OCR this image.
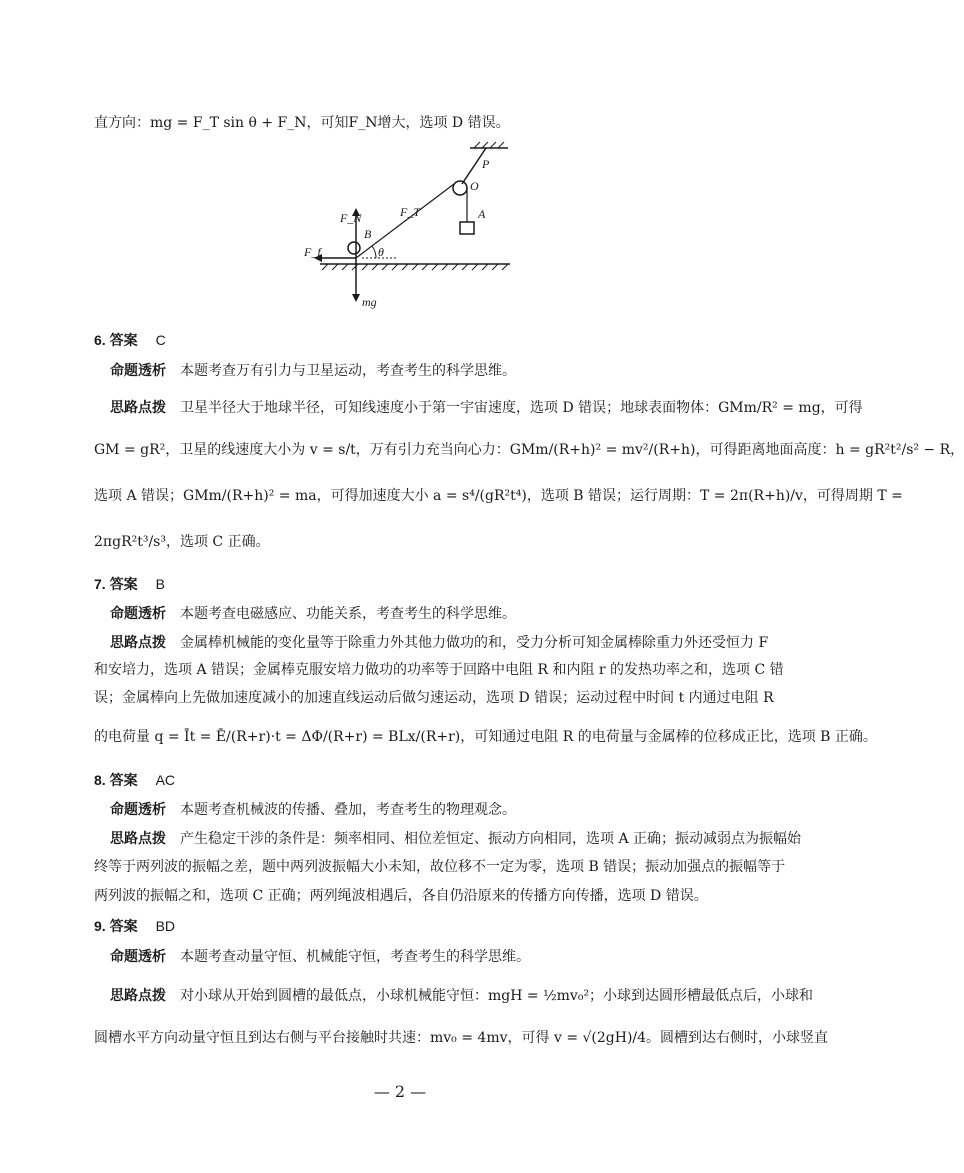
直方向：mg = F_T sin θ + F_N，可知F_N增大，选项 D 错误。
P
O
A
F_N	F_T
B
θ
F_f
mg
6. 答案 C
命题透析 本题考查万有引力与卫星运动，考查考生的科学思维。
思路点拨 卫星半径大于地球半径，可知线速度小于第一宇宙速度，选项 D 错误；地球表面物体：GMm/R² = mg，可得
GM = gR²，卫星的线速度大小为 v = s/t，万有引力充当向心力：GMm/(R+h)² = mv²/(R+h)，可得距离地面高度：h = gR²t²/s² − R，
选项 A 错误；GMm/(R+h)² = ma，可得加速度大小 a = s⁴/(gR²t⁴)，选项 B 错误；运行周期：T = 2π(R+h)/v，可得周期 T =
2πgR²t³/s³，选项 C 正确。
7. 答案 B
命题透析 本题考查电磁感应、功能关系，考查考生的科学思维。
思路点拨 金属棒机械能的变化量等于除重力外其他力做功的和，受力分析可知金属棒除重力外还受恒力 F
和安培力，选项 A 错误；金属棒克服安培力做功的功率等于回路中电阻 R 和内阻 r 的发热功率之和，选项 C 错
误；金属棒向上先做加速度减小的加速直线运动后做匀速运动，选项 D 错误；运动过程中时间 t 内通过电阻 R
的电荷量 q = Īt = Ē/(R+r)·t = ΔΦ/(R+r) = BLx/(R+r)，可知通过电阻 R 的电荷量与金属棒的位移成正比，选项 B 正确。
8. 答案 AC
命题透析 本题考查机械波的传播、叠加，考查考生的物理观念。
思路点拨 产生稳定干涉的条件是：频率相同、相位差恒定、振动方向相同，选项 A 正确；振动减弱点为振幅始
终等于两列波的振幅之差，题中两列波振幅大小未知，故位移不一定为零，选项 B 错误；振动加强点的振幅等于
两列波的振幅之和，选项 C 正确；两列绳波相遇后，各自仍沿原来的传播方向传播，选项 D 错误。
9. 答案 BD
命题透析 本题考查动量守恒、机械能守恒，考查考生的科学思维。
思路点拨 对小球从开始到圆槽的最低点，小球机械能守恒：mgH = ½mv₀²；小球到达圆形槽最低点后，小球和
圆槽水平方向动量守恒且到达右侧与平台接触时共速：mv₀ = 4mv，可得 v = √(2gH)/4。圆槽到达右侧时，小球竖直
— 2 —
